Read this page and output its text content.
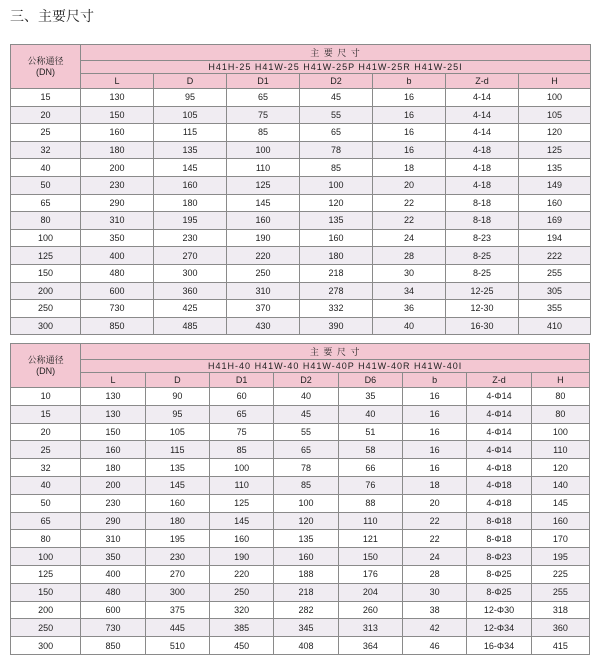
三、主要尺寸
公称通径
(DN)	主 要 尺 寸						
	H41H-25 H41W-25 H41W-25P H41W-25R H41W-25I						
	L	D	D1	D2	b	Z-d	H
15	130	95	65	45	16	4-14	100
20	150	105	75	55	16	4-14	105
25	160	115	85	65	16	4-14	120
32	180	135	100	78	16	4-18	125
40	200	145	110	85	18	4-18	135
50	230	160	125	100	20	4-18	149
65	290	180	145	120	22	8-18	160
80	310	195	160	135	22	8-18	169
100	350	230	190	160	24	8-23	194
125	400	270	220	180	28	8-25	222
150	480	300	250	218	30	8-25	255
200	600	360	310	278	34	12-25	305
250	730	425	370	332	36	12-30	355
300	850	485	430	390	40	16-30	410
公称通径
(DN)	主 要 尺 寸							
	H41H-40 H41W-40 H41W-40P H41W-40R H41W-40I							
	L	D	D1	D2	D6	b	Z-d	H
10	130	90	60	40	35	16	4-Φ14	80
15	130	95	65	45	40	16	4-Φ14	80
20	150	105	75	55	51	16	4-Φ14	100
25	160	115	85	65	58	16	4-Φ14	110
32	180	135	100	78	66	16	4-Φ18	120
40	200	145	110	85	76	18	4-Φ18	140
50	230	160	125	100	88	20	4-Φ18	145
65	290	180	145	120	110	22	8-Φ18	160
80	310	195	160	135	121	22	8-Φ18	170
100	350	230	190	160	150	24	8-Φ23	195
125	400	270	220	188	176	28	8-Φ25	225
150	480	300	250	218	204	30	8-Φ25	255
200	600	375	320	282	260	38	12-Φ30	318
250	730	445	385	345	313	42	12-Φ34	360
300	850	510	450	408	364	46	16-Φ34	415
